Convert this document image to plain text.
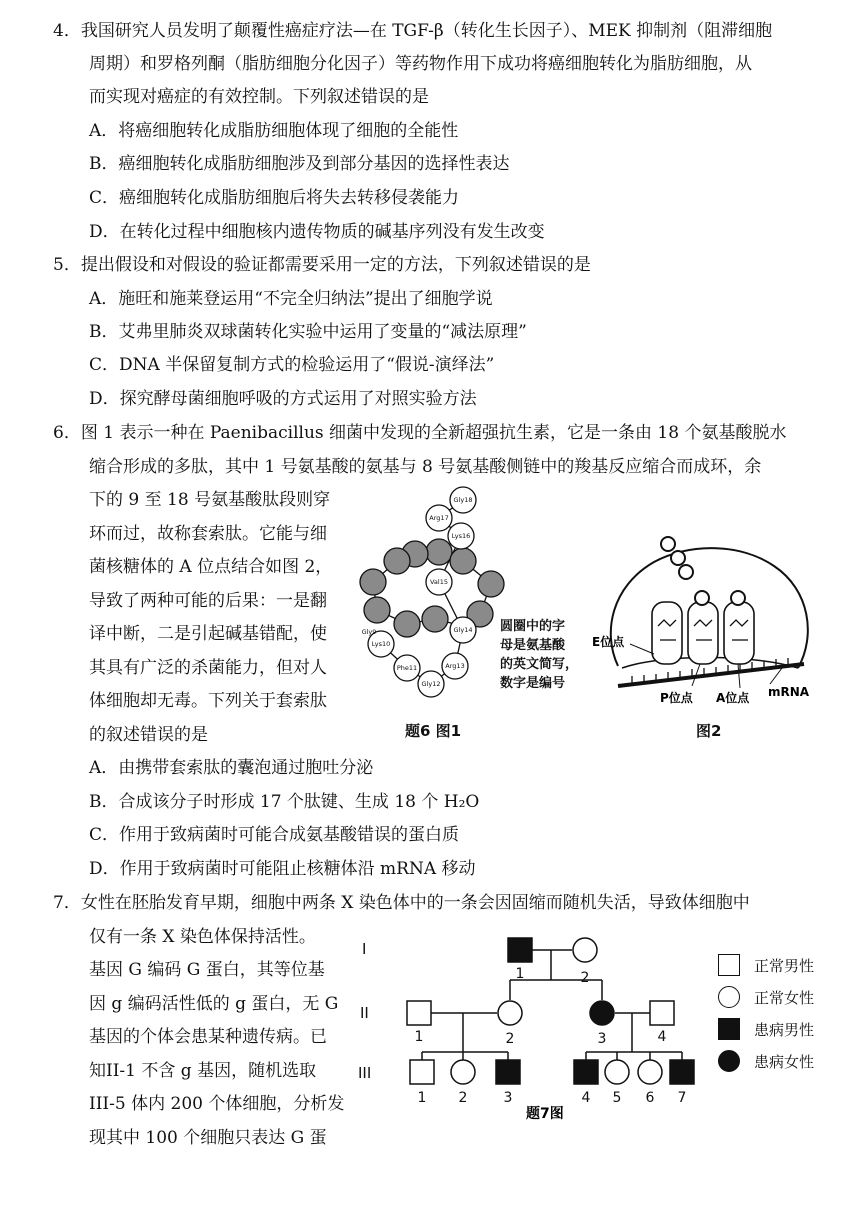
4．我国研究人员发明了颠覆性癌症疗法—在 TGF-β（转化生长因子）、MEK 抑制剂（阻滞细胞
周期）和罗格列酮（脂肪细胞分化因子）等药物作用下成功将癌细胞转化为脂肪细胞，从
而实现对癌症的有效控制。下列叙述错误的是
A．将癌细胞转化成脂肪细胞体现了细胞的全能性
B．癌细胞转化成脂肪细胞涉及到部分基因的选择性表达
C．癌细胞转化成脂肪细胞后将失去转移侵袭能力
D．在转化过程中细胞核内遗传物质的碱基序列没有发生改变
5．提出假设和对假设的验证都需要采用一定的方法，下列叙述错误的是
A．施旺和施莱登运用“不完全归纳法”提出了细胞学说
B．艾弗里肺炎双球菌转化实验中运用了变量的“减法原理”
C．DNA 半保留复制方式的检验运用了“假说-演绎法”
D．探究酵母菌细胞呼吸的方式运用了对照实验方法
6．图 1 表示一种在 Paenibacillus 细菌中发现的全新超强抗生素，它是一条由 18 个氨基酸脱水
缩合形成的多肽，其中 1 号氨基酸的氨基与 8 号氨基酸侧链中的羧基反应缩合而成环，余
下的 9 至 18 号氨基酸肽段则穿
环而过，故称套索肽。它能与细
菌核糖体的 A 位点结合如图 2，
导致了两种可能的后果：一是翻
译中断，二是引起碱基错配，使
其具有广泛的杀菌能力，但对人
体细胞却无毒。下列关于套索肽
的叙述错误的是
Gly18
Arg17
Lys16
Val15
Gly14
Arg13
Gly12
Phe11
Lys10
Gly9	圆圈中的字
母是氨基酸
的英文简写，
数字是编号
题6 图1
E位点
P位点 A位点 mRNA
图2
A．由携带套索肽的囊泡通过胞吐分泌
B．合成该分子时形成 17 个肽键、生成 18 个 H₂O
C．作用于致病菌时可能合成氨基酸错误的蛋白质
D．作用于致病菌时可能阻止核糖体沿 mRNA 移动
7．女性在胚胎发育早期，细胞中两条 X 染色体中的一条会因固缩而随机失活，导致体细胞中
仅有一条 X 染色体保持活性。
基因 G 编码 G 蛋白，其等位基
因 g 编码活性低的 g 蛋白，无 G
基因的个体会患某种遗传病。已
知II-1 不含 g 基因，随机选取
III-5 体内 200 个体细胞，分析发
现其中 100 个细胞只表达 G 蛋
I
II
III
1	2
1	2	3	4
1 2	3	4 5 6 7
题7图
正常男性
正常女性
患病男性
患病女性
